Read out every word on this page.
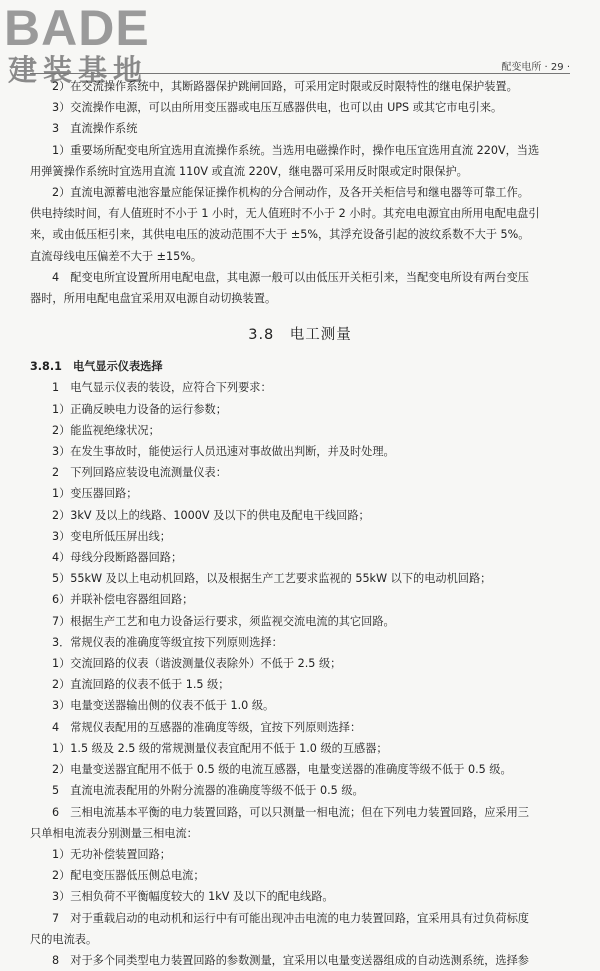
BADE
建装基地	配变电所 · 29 ·

2）在交流操作系统中，其断路器保护跳闸回路，可采用定时限或反时限特性的继电保护装置。

3）交流操作电源，可以由所用变压器或电压互感器供电，也可以由 UPS 或其它市电引来。

3　直流操作系统

1）重要场所配变电所宜选用直流操作系统。当选用电磁操作时，操作电压宜选用直流 220V，当选

用弹簧操作系统时宜选用直流 110V 或直流 220V，继电器可采用反时限或定时限保护。

2）直流电源蓄电池容量应能保证操作机构的分合闸动作，及各开关柜信号和继电器等可靠工作。

供电持续时间，有人值班时不小于 1 小时，无人值班时不小于 2 小时。其充电电源宜由所用电配电盘引

来，或由低压柜引来，其供电电压的波动范围不大于 ±5%，其浮充设备引起的波纹系数不大于 5%。

直流母线电压偏差不大于 ±15%。

4　配变电所宜设置所用电配电盘，其电源一般可以由低压开关柜引来，当配变电所设有两台变压

器时，所用电配电盘宜采用双电源自动切换装置。

3.8　电工测量

3.8.1　电气显示仪表选择

1　电气显示仪表的装设，应符合下列要求：

1）正确反映电力设备的运行参数；

2）能监视绝缘状况；

3）在发生事故时，能使运行人员迅速对事故做出判断，并及时处理。

2　下列回路应装设电流测量仪表：

1）变压器回路；

2）3kV 及以上的线路、1000V 及以下的供电及配电干线回路；

3）变电所低压屏出线；

4）母线分段断路器回路；

5）55kW 及以上电动机回路，以及根据生产工艺要求监视的 55kW 以下的电动机回路；

6）并联补偿电容器组回路；

7）根据生产工艺和电力设备运行要求，须监视交流电流的其它回路。

3．常规仪表的准确度等级宜按下列原则选择：

1）交流回路的仪表（谐波测量仪表除外）不低于 2.5 级；

2）直流回路的仪表不低于 1.5 级；

3）电量变送器输出侧的仪表不低于 1.0 级。

4　常规仪表配用的互感器的准确度等级，宜按下列原则选择：

1）1.5 级及 2.5 级的常规测量仪表宜配用不低于 1.0 级的互感器；

2）电量变送器宜配用不低于 0.5 级的电流互感器，电量变送器的准确度等级不低于 0.5 级。

5　直流电流表配用的外附分流器的准确度等级不低于 0.5 级。

6　三相电流基本平衡的电力装置回路，可以只测量一相电流；但在下列电力装置回路，应采用三

只单相电流表分别测量三相电流：

1）无功补偿装置回路；

2）配电变压器低压侧总电流；

3）三相负荷不平衡幅度较大的 1kV 及以下的配电线路。

7　对于重载启动的电动机和运行中有可能出现冲击电流的电力装置回路，宜采用具有过负荷标度

尺的电流表。

8　对于多个同类型电力装置回路的参数测量，宜采用以电量变送器组成的自动选测系统，选择参
